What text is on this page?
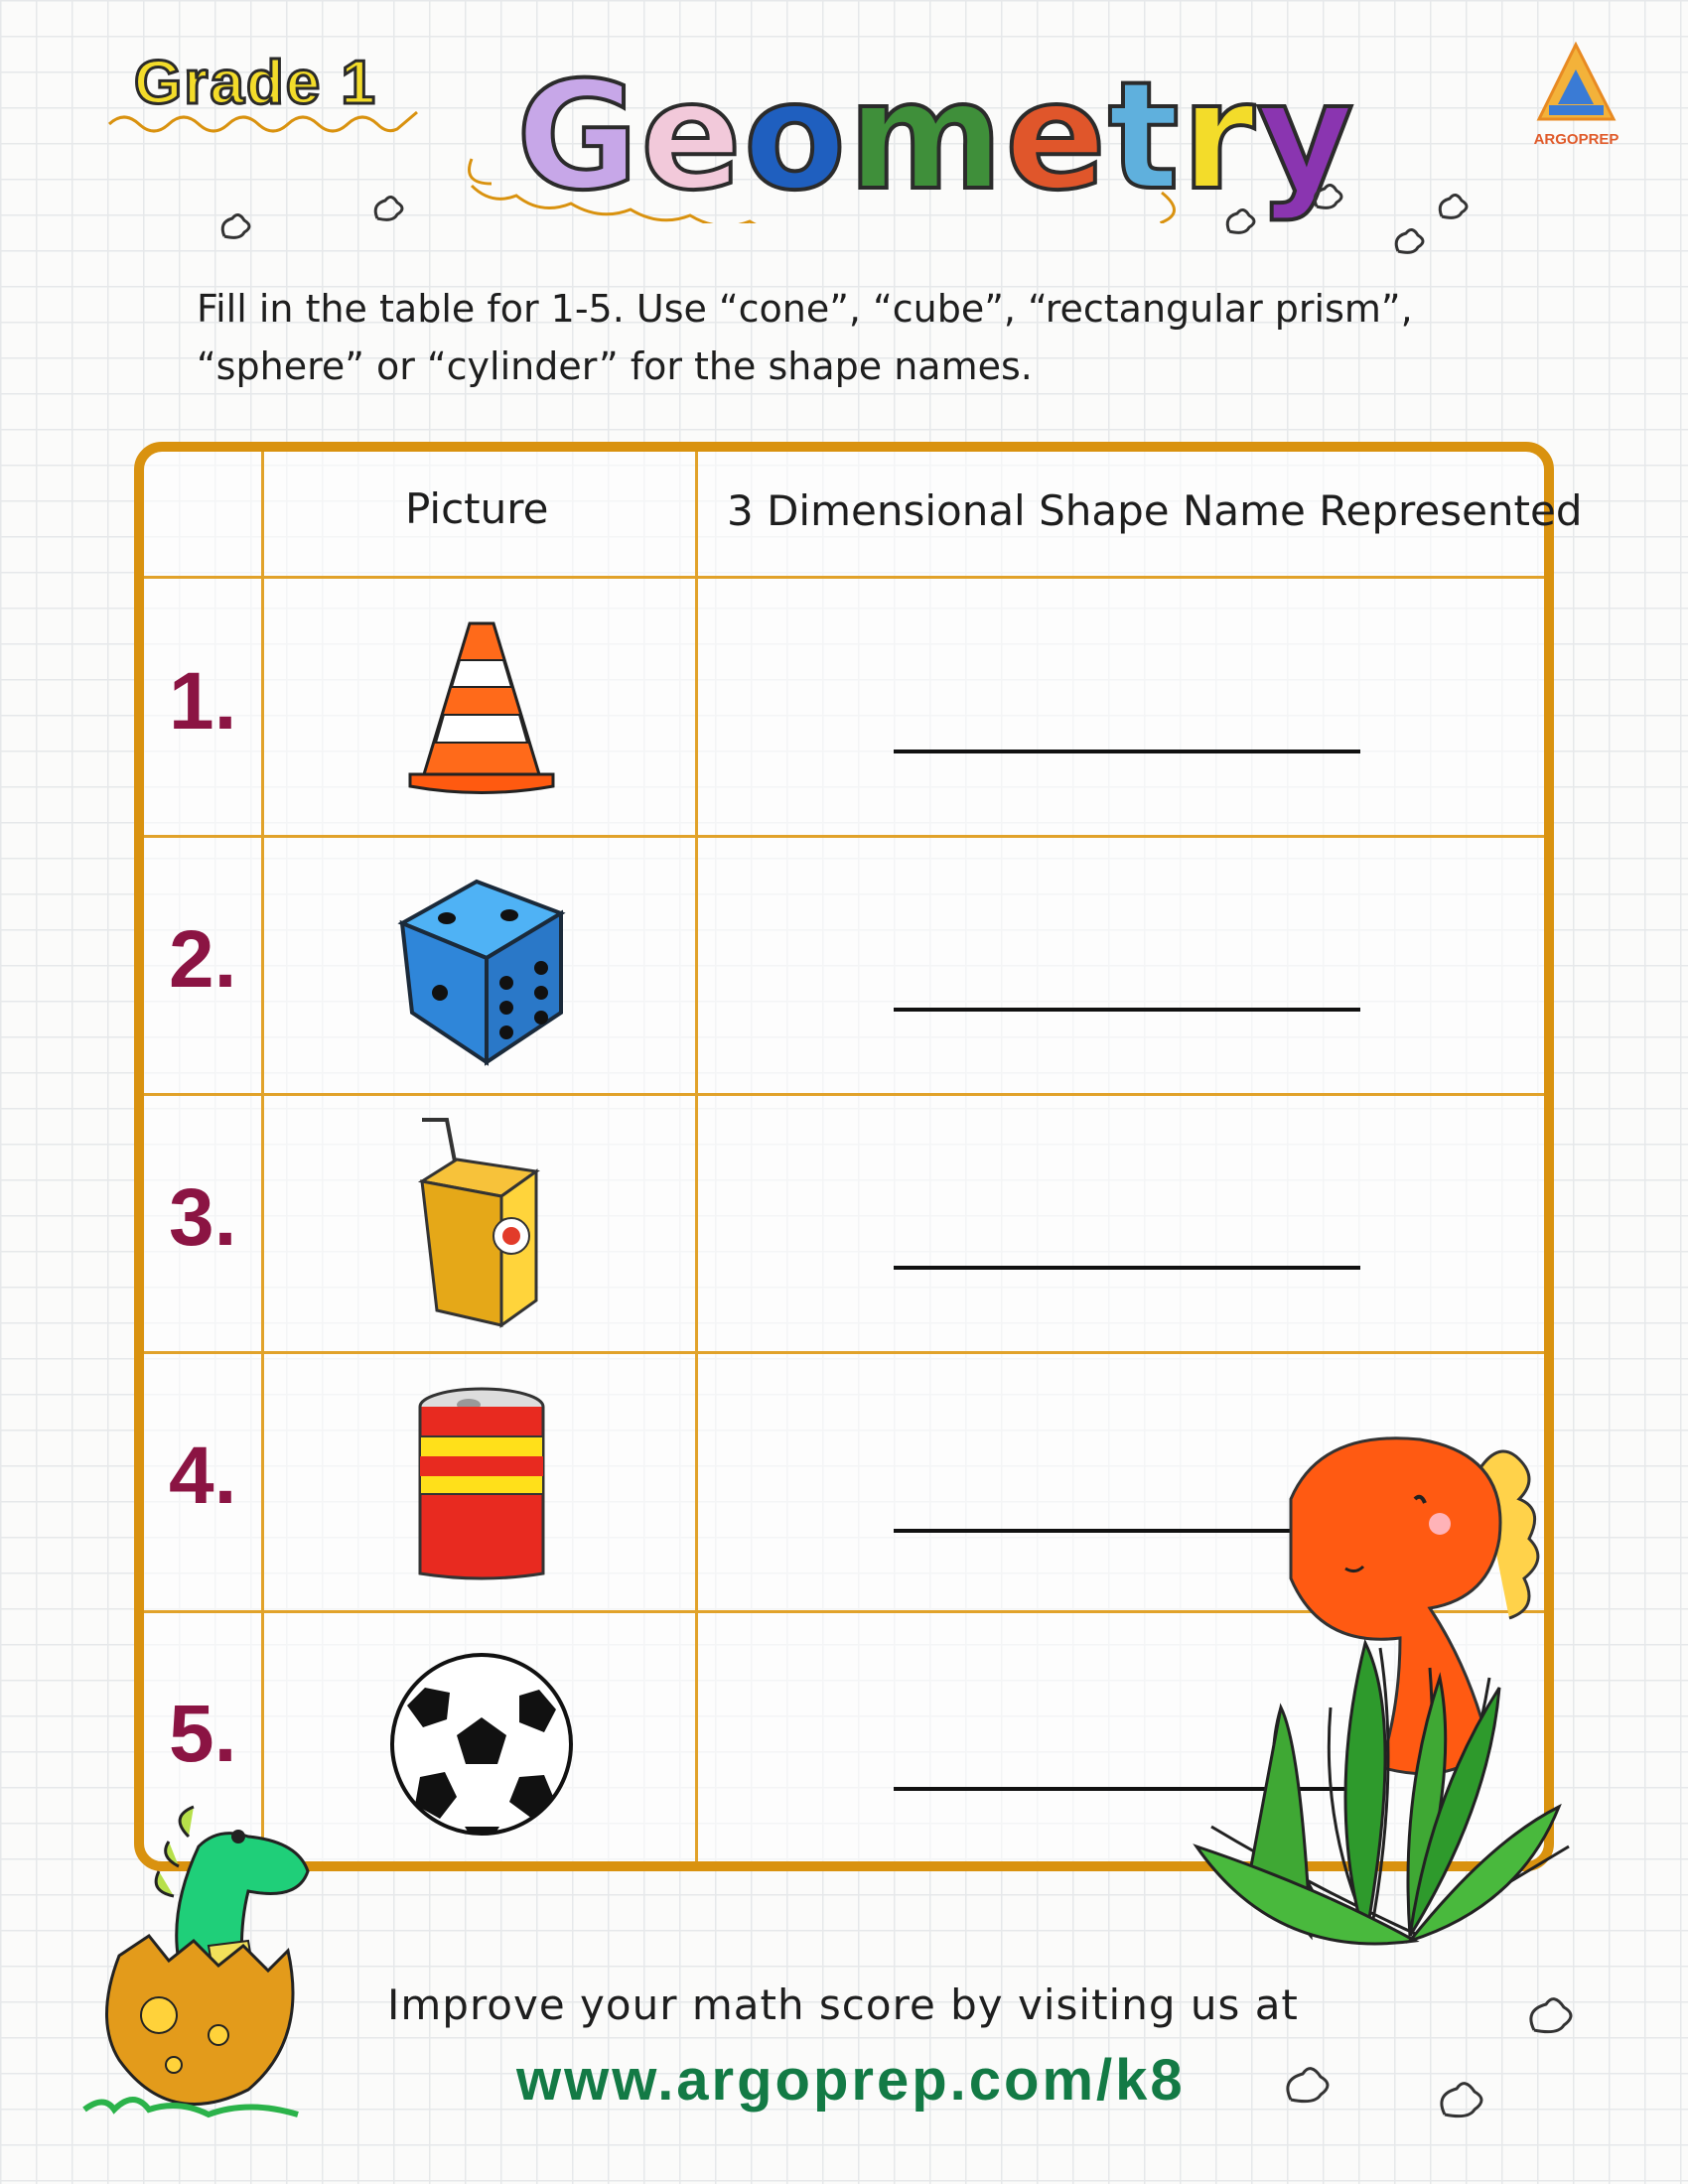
Grade 1 Geometry	ARGOPREP
Fill in the table for 1-5. Use “cone”, “cube”, “rectangular prism”, “sphere” or “cylinder” for the shape names.
Picture	3 Dimensional Shape Name Represented
1.
2.
3.
4.
5.
Improve your math score by visiting us at
www.argoprep.com/k8
